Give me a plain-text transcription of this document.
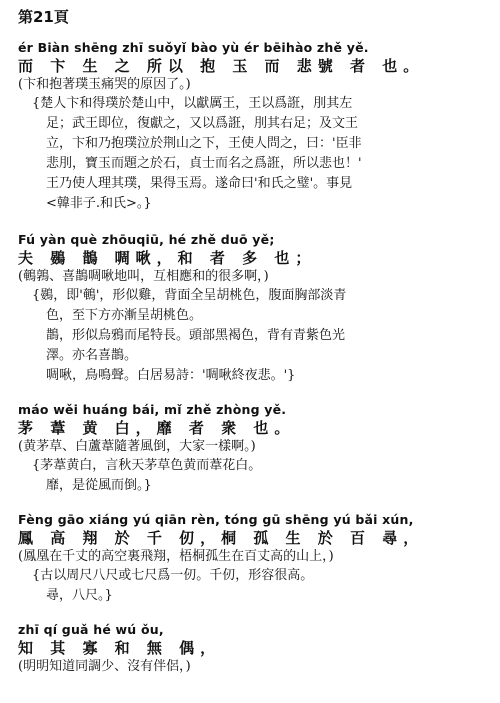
第21頁
ér Biàn shēng zhī suǒyǐ bào yù ér bēihào zhě yě.
而 卞 生 之 所以 抱 玉 而 悲號 者 也。
(卞和抱著璞玉痛哭的原因了。)

{楚人卞和得璞於楚山中，以獻厲王，王以爲誑，刖其左

足；武王即位，復獻之，又以爲誑，刖其右足；及文王

立，卞和乃抱璞泣於荆山之下，王使人問之，曰：'臣非

悲刖，寶玉而題之於石，貞士而名之爲誑，所以悲也！'

王乃使人理其璞，果得玉焉。遂命曰'和氏之璧'。事見

<韓非子.和氏>。}

Fú yàn què zhōuqiū, hé zhě duō yě;
夫 鷃 鵲 啁啾，和 者 多 也；
(鵪鶉、喜鵲啁啾地叫，互相應和的很多啊，)

{鷃，即'鵪'，形似雞，背面全呈胡桃色，腹面胸部淡青

色，至下方亦漸呈胡桃色。

鵲，形似烏鴉而尾特長。頭部黑褐色，背有青紫色光

澤。亦名喜鵲。

啁啾，鳥鳴聲。白居易詩：'啁啾終夜悲。'}

máo wěi huáng bái, mǐ zhě zhòng yě.
茅 葦 黄 白，靡 者 衆 也。
(黄茅草、白蘆葦隨著風倒，大家一樣啊。)

{茅葦黄白，言秋天茅草色黄而葦花白。

靡，是從風而倒。}

Fèng gāo xiáng yú qiān rèn, tóng gū shēng yú bǎi xún,
鳳 高 翔 於 千 仞，桐 孤 生 於 百 尋，
(鳳凰在千丈的高空裏飛翔，梧桐孤生在百丈高的山上，)

{古以周尺八尺或七尺爲一仞。千仞，形容很高。

尋，八尺。}

zhī qí guǎ hé wú ǒu,
知 其 寡 和 無 偶，
(明明知道同調少、沒有伴侶，)
